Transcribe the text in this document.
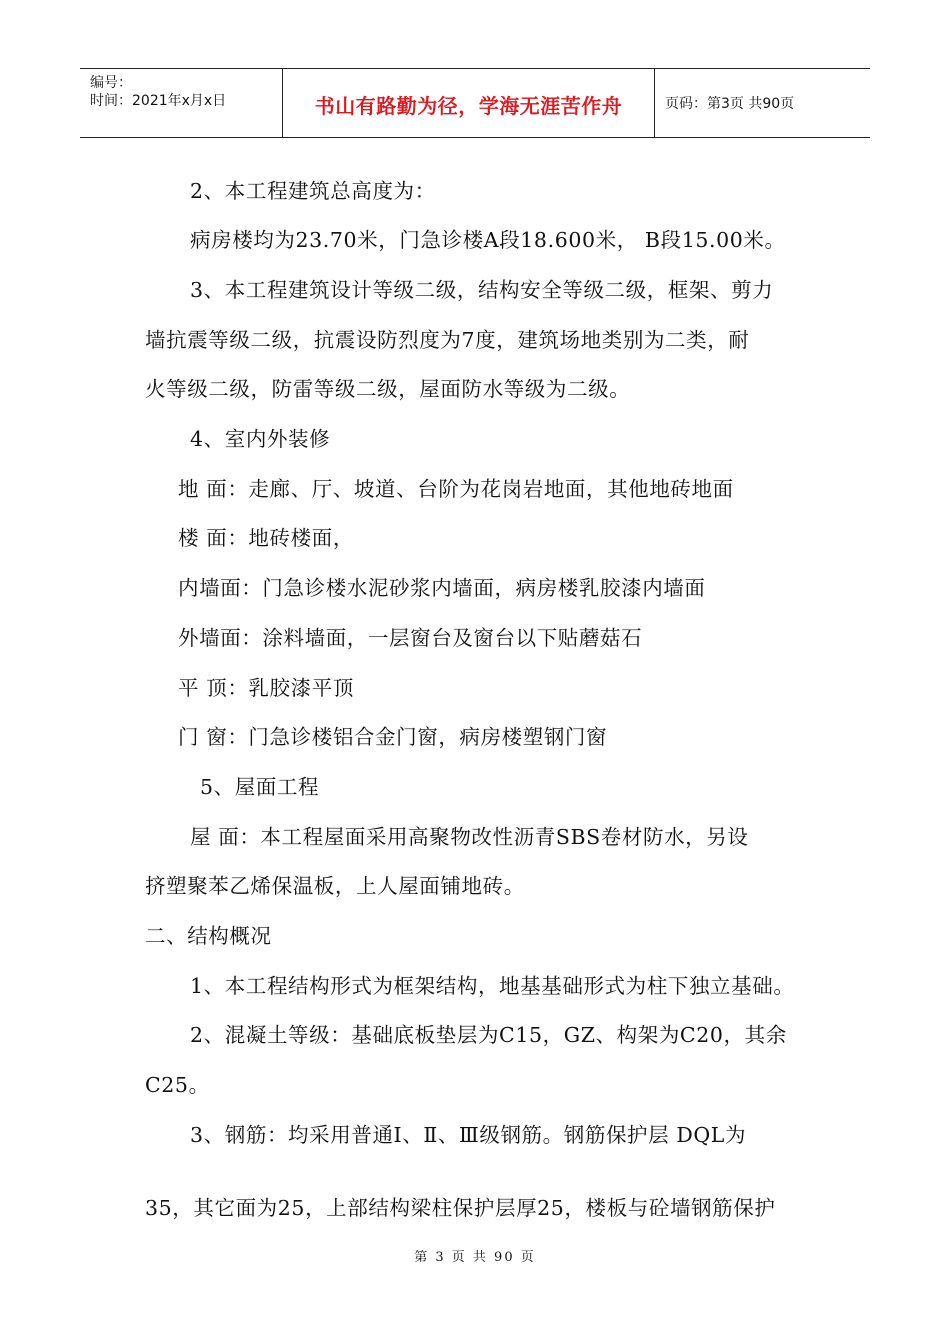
编号：
时间：2021年x月x日	书山有路勤为径，学海无涯苦作舟	页码：第3页 共90页
2、本工程建筑总高度为：
病房楼均为23.70米，门急诊楼A段18.600米， B段15.00米。
3、本工程建筑设计等级二级，结构安全等级二级，框架、剪力
墙抗震等级二级，抗震设防烈度为7度，建筑场地类别为二类，耐
火等级二级，防雷等级二级，屋面防水等级为二级。
4、室内外装修
地 面：走廊、厅、坡道、台阶为花岗岩地面，其他地砖地面
楼 面：地砖楼面，
内墙面：门急诊楼水泥砂浆内墙面，病房楼乳胶漆内墙面
外墙面：涂料墙面，一层窗台及窗台以下贴蘑菇石
平 顶：乳胶漆平顶
门 窗：门急诊楼铝合金门窗，病房楼塑钢门窗
5、屋面工程
屋 面：本工程屋面采用高聚物改性沥青SBS卷材防水，另设
挤塑聚苯乙烯保温板，上人屋面铺地砖。
二、结构概况
1、本工程结构形式为框架结构，地基基础形式为柱下独立基础。
2、混凝土等级：基础底板垫层为C15，GZ、构架为C20，其余
C25。
3、钢筋：均采用普通Ⅰ、Ⅱ、Ⅲ级钢筋。钢筋保护层 DQL为
35，其它面为25，上部结构梁柱保护层厚25，楼板与砼墙钢筋保护
第 3 页 共 90 页
